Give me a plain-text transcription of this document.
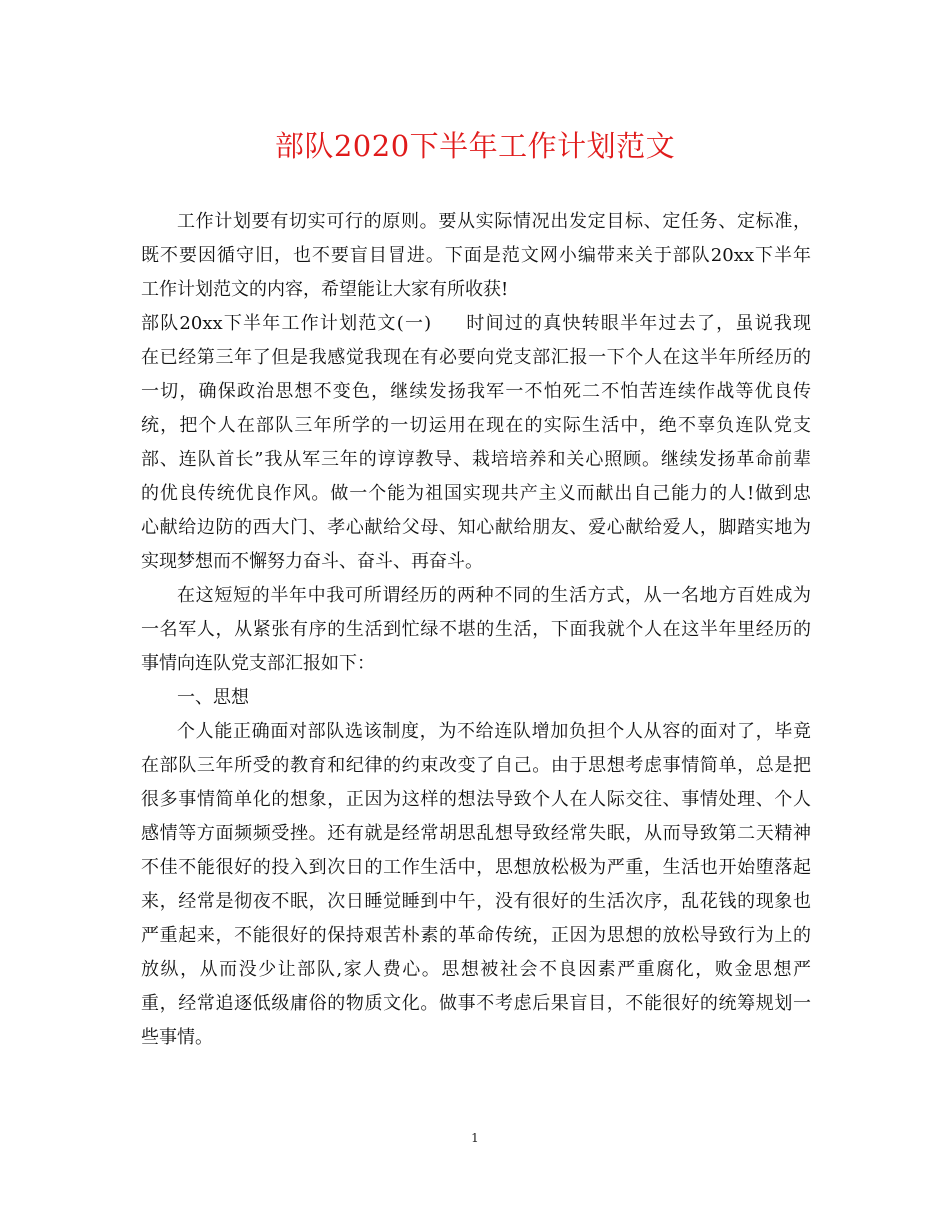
部队2020下半年工作计划范文
工作计划要有切实可行的原则。要从实际情况出发定目标、定任务、定标准，
既不要因循守旧，也不要盲目冒进。下面是范文网小编带来关于部队20xx下半年
工作计划范文的内容，希望能让大家有所收获!
部队20xx下半年工作计划范文(一) 时间过的真快转眼半年过去了，虽说我现
在已经第三年了但是我感觉我现在有必要向党支部汇报一下个人在这半年所经历的
一切，确保政治思想不变色，继续发扬我军一不怕死二不怕苦连续作战等优良传
统，把个人在部队三年所学的一切运用在现在的实际生活中，绝不辜负连队党支
部、连队首长”我从军三年的谆谆教导、栽培培养和关心照顾。继续发扬革命前辈
的优良传统优良作风。做一个能为祖国实现共产主义而献出自己能力的人!做到忠
心献给边防的西大门、孝心献给父母、知心献给朋友、爱心献给爱人，脚踏实地为
实现梦想而不懈努力奋斗、奋斗、再奋斗。
在这短短的半年中我可所谓经历的两种不同的生活方式，从一名地方百姓成为
一名军人，从紧张有序的生活到忙绿不堪的生活，下面我就个人在这半年里经历的
事情向连队党支部汇报如下：
一、思想
个人能正确面对部队选该制度，为不给连队增加负担个人从容的面对了，毕竟
在部队三年所受的教育和纪律的约束改变了自己。由于思想考虑事情简单，总是把
很多事情简单化的想象，正因为这样的想法导致个人在人际交往、事情处理、个人
感情等方面频频受挫。还有就是经常胡思乱想导致经常失眠，从而导致第二天精神
不佳不能很好的投入到次日的工作生活中，思想放松极为严重，生活也开始堕落起
来，经常是彻夜不眠，次日睡觉睡到中午，没有很好的生活次序，乱花钱的现象也
严重起来，不能很好的保持艰苦朴素的革命传统，正因为思想的放松导致行为上的
放纵，从而没少让部队,家人费心。思想被社会不良因素严重腐化，败金思想严
重，经常追逐低级庸俗的物质文化。做事不考虑后果盲目，不能很好的统筹规划一
些事情。
1
